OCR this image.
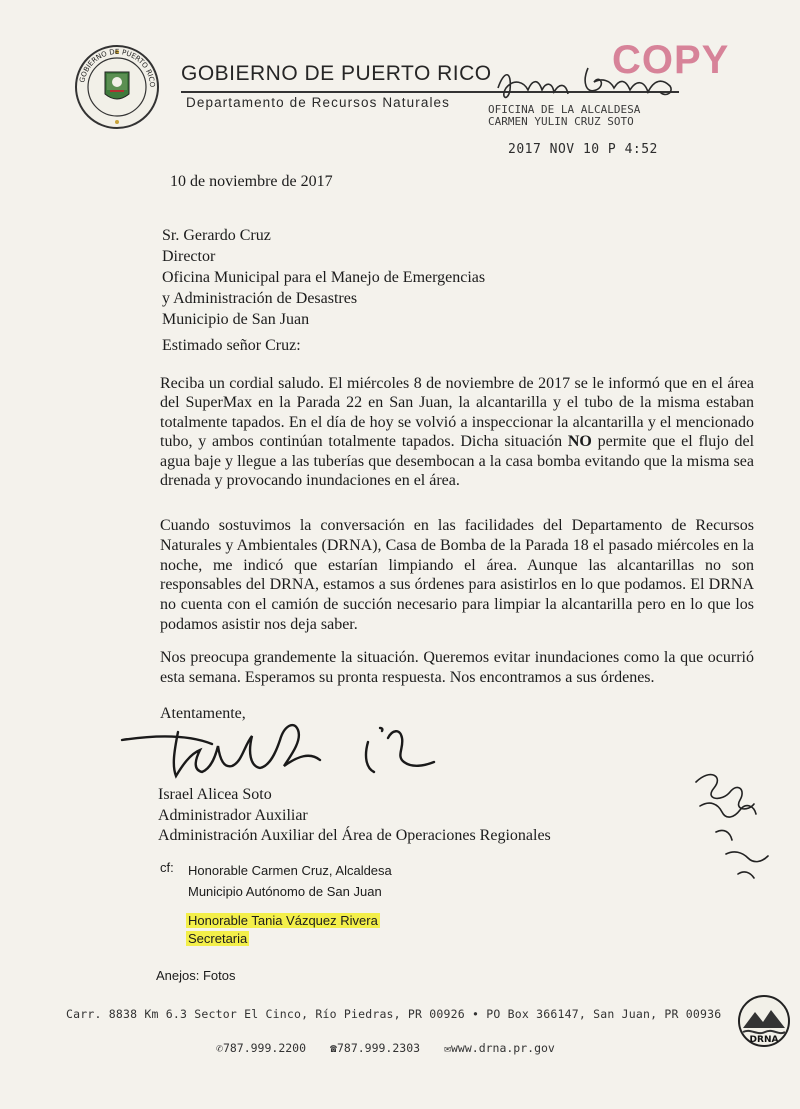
GOBIERNO DE PUERTO RICO GOBIERNO DE PUERTO RICO
Departamento de Recursos Naturales
COPY
OFICINA DE LA ALCALDESA
CARMEN YULIN CRUZ SOTO
2017 NOV 10 P 4:52
10 de noviembre de 2017
Sr. Gerardo Cruz
Director
Oficina Municipal para el Manejo de Emergencias
y Administración de Desastres
Municipio de San Juan
Estimado señor Cruz:
Reciba un cordial saludo. El miércoles 8 de noviembre de 2017 se le informó que en el área del SuperMax en la Parada 22 en San Juan, la alcantarilla y el tubo de la misma estaban totalmente tapados. En el día de hoy se volvió a inspeccionar la alcantarilla y el mencionado tubo, y ambos continúan totalmente tapados. Dicha situación NO permite que el flujo del agua baje y llegue a las tuberías que desembocan a la casa bomba evitando que la misma sea drenada y provocando inundaciones en el área.
Cuando sostuvimos la conversación en las facilidades del Departamento de Recursos Naturales y Ambientales (DRNA), Casa de Bomba de la Parada 18 el pasado miércoles en la noche, me indicó que estarían limpiando el área. Aunque las alcantarillas no son responsables del DRNA, estamos a sus órdenes para asistirlos en lo que podamos. El DRNA no cuenta con el camión de succión necesario para limpiar la alcantarilla pero en lo que los podamos asistir nos deja saber.
Nos preocupa grandemente la situación. Queremos evitar inundaciones como la que ocurrió esta semana. Esperamos su pronta respuesta. Nos encontramos a sus órdenes.
Atentamente,
Israel Alicea Soto
Administrador Auxiliar
Administración Auxiliar del Área de Operaciones Regionales
cf: Honorable Carmen Cruz, Alcaldesa
Municipio Autónomo de San Juan
Honorable Tania Vázquez Rivera
Secretaria
Anejos: Fotos
Carr. 8838 Km 6.3 Sector El Cinco, Río Piedras, PR 00926 • PO Box 366147, San Juan, PR 00936
✆787.999.2200 ☎787.999.2303 ✉www.drna.pr.gov
DRNA
